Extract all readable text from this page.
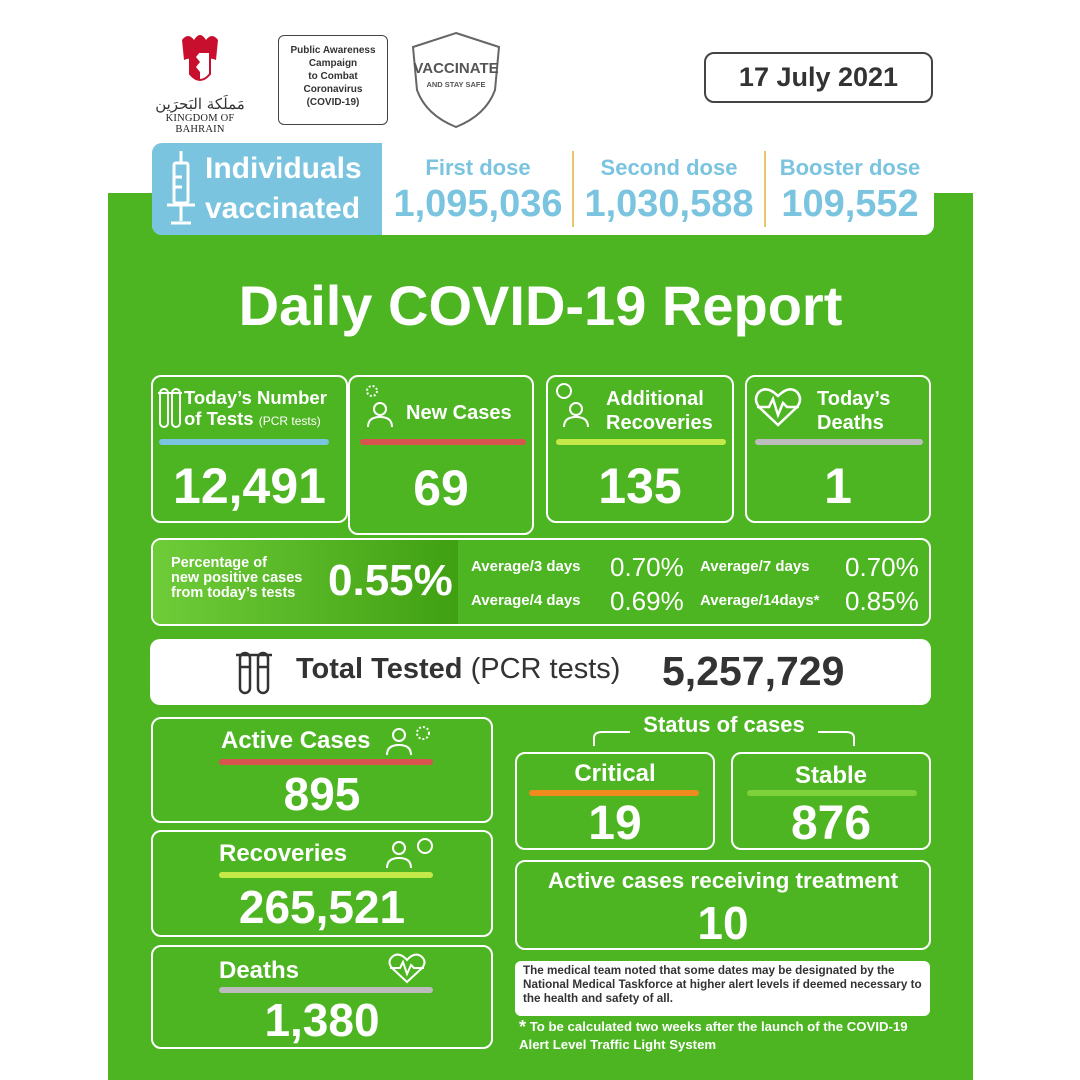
مَملَكة البَحرَين
KINGDOM OF BAHRAIN
Public Awareness
Campaign
to Combat
Coronavirus
(COVID-19)
VACCINATE
AND STAY SAFE	17 July 2021
Individuals
vaccinated
First dose
1,095,036
Second dose
1,030,588
Booster dose
109,552
Daily COVID-19 Report
Today’s Number
of Tests (PCR tests)
12,491
New Cases
69
Additional
Recoveries
135
Today’s
Deaths
1
Percentage of
new positive cases
from today’s tests 0.55% Average/3 days 0.70% Average/7 days 0.70%
Average/4 days 0.69% Average/14days* 0.85%
Total Tested (PCR tests) 5,257,729
Active Cases
895
Recoveries
265,521
Deaths
1,380
Status of cases
Critical
19
Stable
876
Active cases receiving treatment
10
The medical team noted that some dates may be designated by the National Medical Taskforce at higher alert levels if deemed necessary to the health and safety of all.
* To be calculated two weeks after the launch of the COVID-19 Alert Level Traffic Light System
